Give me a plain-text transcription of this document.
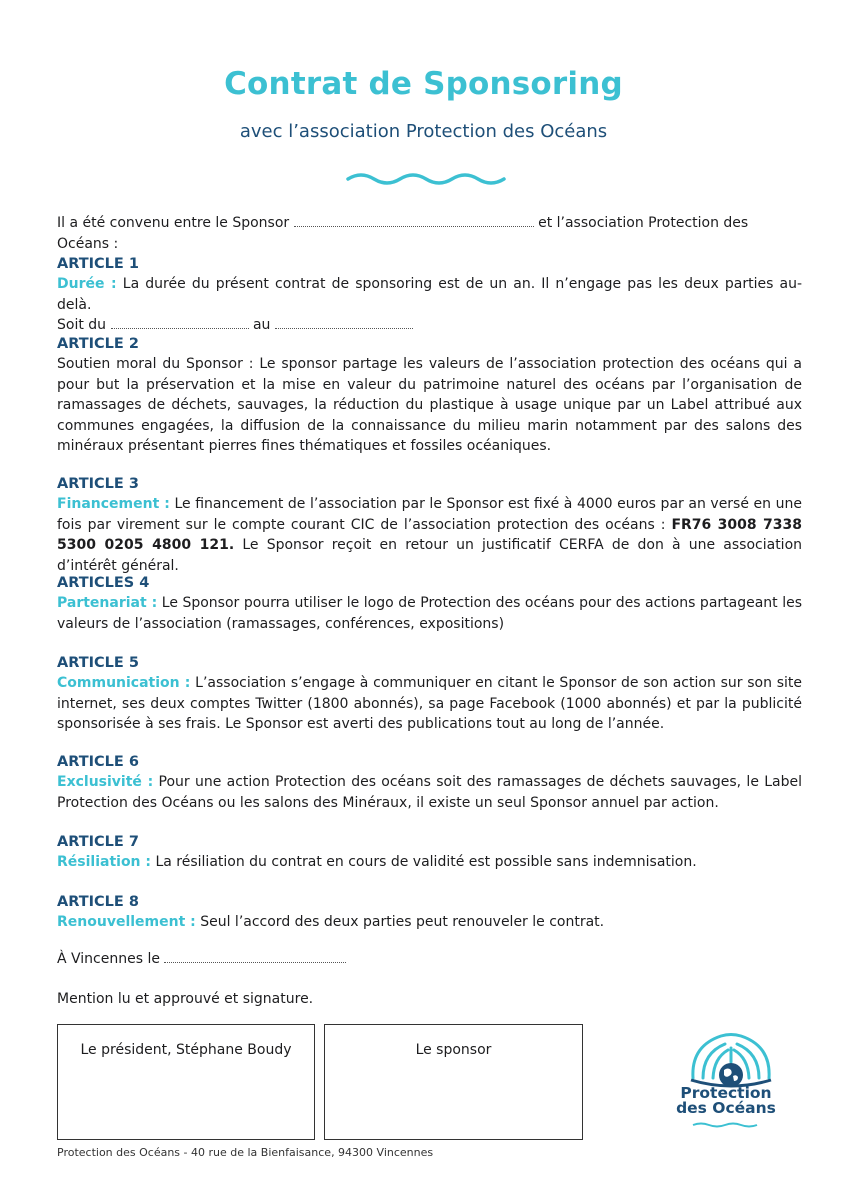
Contrat de Sponsoring
avec l’association Protection des Océans
Il a été convenu entre le Sponsor	et l’association Protection des Océans :
ARTICLE 1

Durée : La durée du présent contrat de sponsoring est de un an. Il n’engage pas les deux parties au-delà.

Soit du	au

ARTICLE 2

Soutien moral du Sponsor : Le sponsor partage les valeurs de l’association protection des océans qui a pour but la préservation et la mise en valeur du patrimoine naturel des océans par l’organisation de ramassages de déchets, sauvages, la réduction du plastique à usage unique par un Label attribué aux communes engagées, la diffusion de la connaissance du milieu marin notamment par des salons des minéraux présentant pierres fines thématiques et fossiles océaniques.

ARTICLE 3

Financement : Le financement de l’association par le Sponsor est fixé à 4000 euros par an versé en une fois par virement sur le compte courant CIC de l’association protection des océans : FR76 3008 7338 5300 0205 4800 121. Le Sponsor reçoit en retour un justificatif CERFA de don à une association d’intérêt général.

ARTICLES 4

Partenariat : Le Sponsor pourra utiliser le logo de Protection des océans pour des actions partageant les valeurs de l’association (ramassages, conférences, expositions)

ARTICLE 5

Communication : L’association s’engage à communiquer en citant le Sponsor de son action sur son site internet, ses deux comptes Twitter (1800 abonnés), sa page Facebook (1000 abonnés) et par la publicité sponsorisée à ses frais. Le Sponsor est averti des publications tout au long de l’année.

ARTICLE 6

Exclusivité : Pour une action Protection des océans soit des ramassages de déchets sauvages, le Label Protection des Océans ou les salons des Minéraux, il existe un seul Sponsor annuel par action.

ARTICLE 7

Résiliation : La résiliation du contrat en cours de validité est possible sans indemnisation.

ARTICLE 8

Renouvellement : Seul l’accord des deux parties peut renouveler le contrat.

À Vincennes le
Mention lu et approuvé et signature.
Le président, Stéphane Boudy	Le sponsor
Protection
des Océans
Protection des Océans - 40 rue de la Bienfaisance, 94300 Vincennes
